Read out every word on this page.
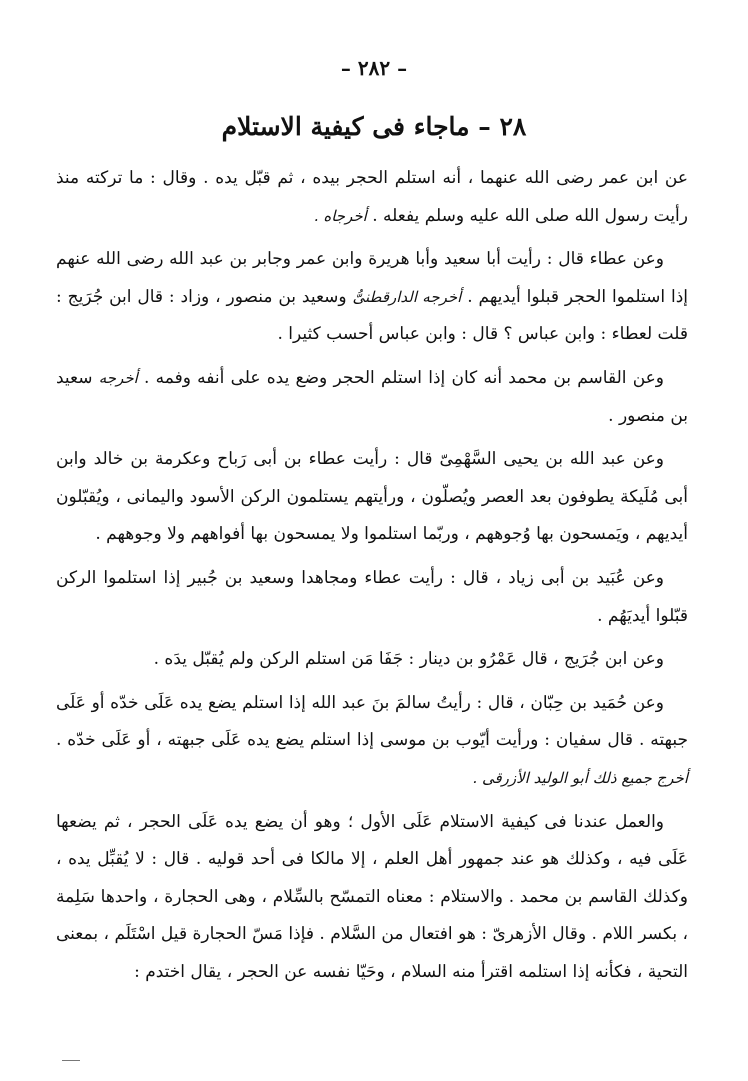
– ٢٨٢ –
٢٨ – ماجاء فى كيفية الاستلام

عن ابن عمر رضى الله عنهما ، أنه استلم الحجر بيده ، ثم قبّل يده . وقال : ما تركته منذ رأيت رسول الله صلى الله عليه وسلم يفعله . أخرجاه .

وعن عطاء قال : رأيت أبا سعيد وأبا هريرة وابن عمر وجابر بن عبد الله رضى الله عنهم إذا استلموا الحجر قبلوا أيديهم . أخرجه الدارقطنىُّ وسعيد بن منصور ، وزاد : قال ابن جُرَيج : قلت لعطاء : وابن عباس ؟ قال : وابن عباس أحسب كثيرا .

وعن القاسم بن محمد أنه كان إذا استلم الحجر وضع يده على أنفه وفمه . أخرجه سعيد بن منصور .

وعن عبد الله بن يحيى السَّهْمِىّ قال : رأيت عطاء بن أبى رَباح وعكرمة بن خالد وابن أبى مُلَيكة يطوفون بعد العصر ويُصلّون ، ورأيتهم يستلمون الركن الأسود واليمانى ، ويُقبّلون أيديهم ، ويَمسحون بها وُجوههم ، وربّما استلموا ولا يمسحون بها أفواههم ولا وجوههم .

وعن عُبَيد بن أبى زياد ، قال : رأيت عطاء ومجاهدا وسعيد بن جُبير إذا استلموا الركن قبّلوا أيديَهُم .

وعن ابن جُرَيج ، قال عَمْرُو بن دينار : جَفَا مَن استلم الركن ولم يُقبّل يدَه .

وعن حُمَيد بن حِبّان ، قال : رأيتُ سالمَ بنَ عبد الله إذا استلم يضع يده عَلَى خدّه أو عَلَى جبهته . قال سفيان : ورأيت أيّوب بن موسى إذا استلم يضع يده عَلَى جبهته ، أو عَلَى خدّه . أخرج جميع ذلك أبو الوليد الأزرقى .

والعمل عندنا فى كيفية الاستلام عَلَى الأول ؛ وهو أن يضع يده عَلَى الحجر ، ثم يضعها عَلَى فيه ، وكذلك هو عند جمهور أهل العلم ، إلا مالكا فى أحد قوليه . قال : لا يُقبِّل يده ، وكذلك القاسم بن محمد . والاستلام : معناه التمسّح بالسِّلام ، وهى الحجارة ، واحدها سَلِمة ، بكسر اللام . وقال الأزهرىّ : هو افتعال من السَّلام . فإذا مَسّ الحجارة قيل اسْتَلَم ، بمعنى التحية ، فكأنه إذا استلمه اقترأ منه السلام ، وحَيّا نفسه عن الحجر ، يقال اختدم :
